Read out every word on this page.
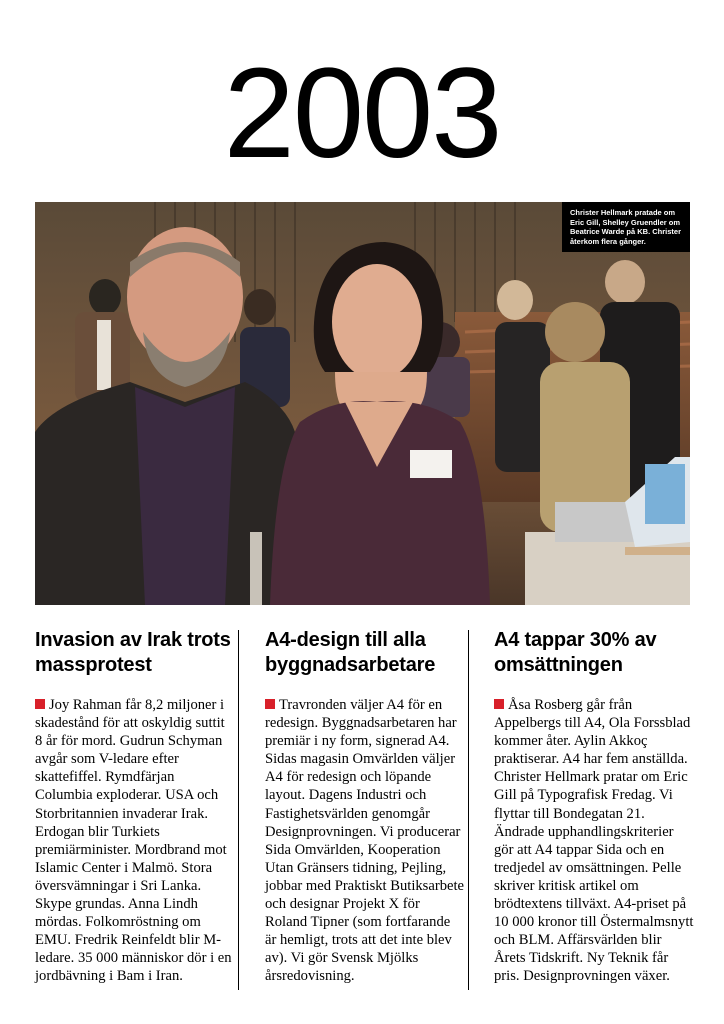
2003
Christer Hellmark pratade om Eric Gill, Shelley Gruendler om Beatrice Warde på KB. Christer återkom flera gånger.
Invasion av Irak trots massprotest

Joy Rahman får 8,2 miljoner i skadestånd för att oskyldig suttit 8 år för mord. Gudrun Schyman avgår som V-ledare efter skattefiffel. Rymdfärjan Columbia exploderar. USA och Storbritannien invaderar Irak. Erdogan blir Turkiets premiärminister. Mordbrand mot Islamic Center i Malmö. Stora översvämningar i Sri Lanka. Skype grundas. Anna Lindh mördas. Folkomröstning om EMU. Fredrik Reinfeldt blir M-ledare. 35 000 människor dör i en jordbävning i Bam i Iran.

A4-design till alla byggnadsarbetare

Travronden väljer A4 för en redesign. Byggnadsarbetaren har premiär i ny form, signerad A4. Sidas magasin Omvärlden väljer A4 för redesign och löpande layout. Dagens Industri och Fastighetsvärlden genomgår Designprovningen. Vi producerar Sida Omvärlden, Kooperation Utan Gränsers tidning, Pejling, jobbar med Praktiskt Butiksarbete och designar Projekt X för Roland Tipner (som fortfarande är hemligt, trots att det inte blev av). Vi gör Svensk Mjölks årsredovisning.

A4 tappar 30% av omsättningen

Åsa Rosberg går från Appelbergs till A4, Ola Forssblad kommer åter. Aylin Akkoç praktiserar. A4 har fem anställda. Christer Hellmark pratar om Eric Gill på Typografisk Fredag. Vi flyttar till Bondegatan 21. Ändrade upphandlingskriterier gör att A4 tappar Sida och en tredjedel av omsättningen. Pelle skriver kritisk artikel om brödtextens tillväxt. A4-priset på 10 000 kronor till Östermalmsnytt och BLM. Affärsvärlden blir Årets Tidskrift. Ny Teknik får pris. Designprovningen växer.
